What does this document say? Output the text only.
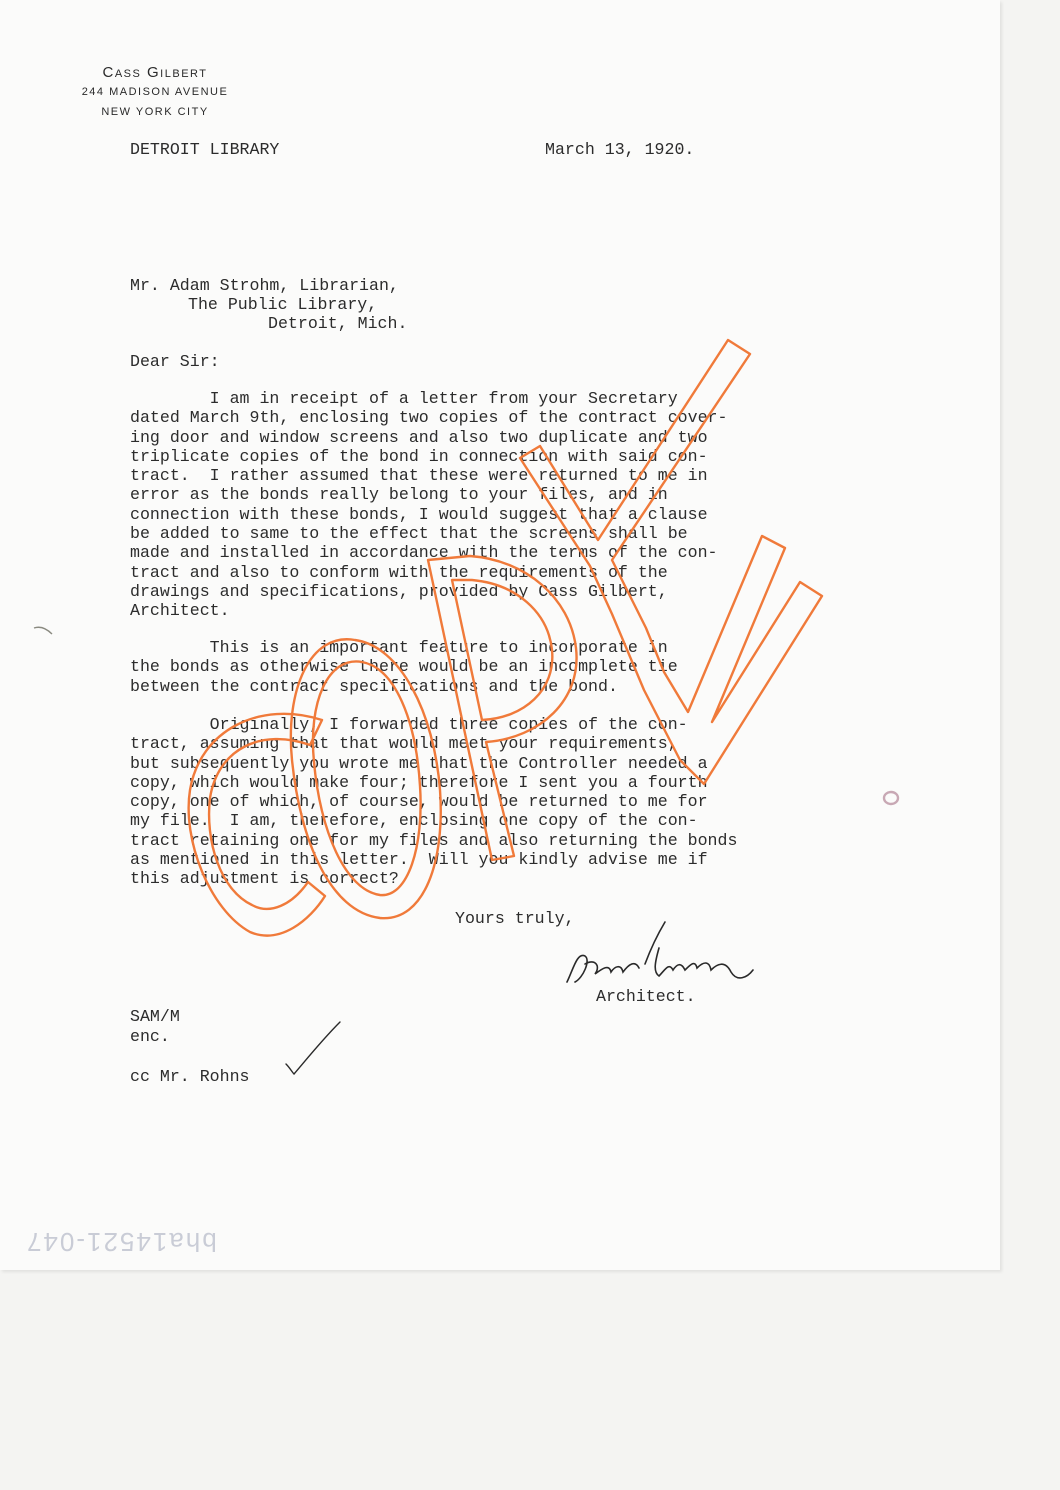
Cass Gilbert
244 MADISON AVENUE
NEW YORK CITY
DETROIT LIBRARY	March 13, 1920.
Mr. Adam Strohm, Librarian,
The Public Library,
Detroit, Mich.
Dear Sir:
I am in receipt of a letter from your Secretary
dated March 9th, enclosing two copies of the contract cover-
ing door and window screens and also two duplicate and two
triplicate copies of the bond in connection with said con-
tract.  I rather assumed that these were returned to me in
error as the bonds really belong to your files, and in
connection with these bonds, I would suggest that a clause
be added to same to the effect that the screens shall be
made and installed in accordance with the terms of the con-
tract and also to conform with the requirements of the
drawings and specifications, provided by Cass Gilbert,
Architect.
This is an important feature to incorporate in
the bonds as otherwise there would be an incomplete tie
between the contract specifications and the bond.
Originally, I forwarded three copies of the con-
tract, assuming that that would meet your requirements,
but subsequently you wrote me that the Controller needed a
copy, which would make four; therefore I sent you a fourth
copy, one of which, of course, would be returned to me for
my file.  I am, therefore, enclosing one copy of the con-
tract retaining one for my files and also returning the bonds
as mentioned in this letter.  Will you kindly advise me if
this adjustment is correct?
Yours truly,
Architect.
SAM/M
enc.
cc Mr. Rohns
bha14521-047
